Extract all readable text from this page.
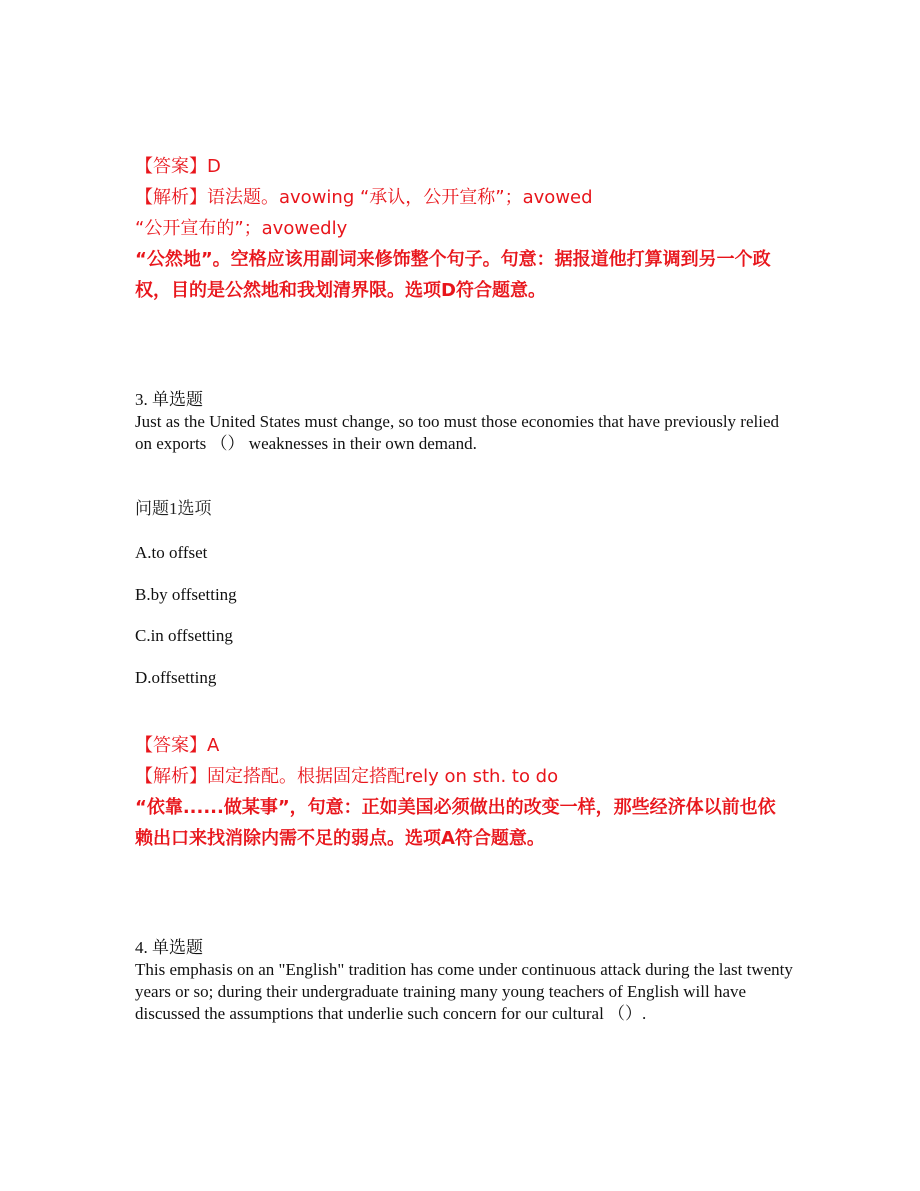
【答案】D
【解析】语法题。avowing “承认，公开宣称”；avowed
“公开宣布的”；avowedly
“公然地”。空格应该用副词来修饰整个句子。句意：据报道他打算调到另一个政
权，目的是公然地和我划清界限。选项D符合题意。
3. 单选题
Just as the United States must change, so too must those economies that have previously relied on exports （） weaknesses in their own demand.

问题1选项

A.to offset

B.by offsetting

C.in offsetting

D.offsetting

【答案】A
【解析】固定搭配。根据固定搭配rely on sth. to do
“依靠......做某事”，句意：正如美国必须做出的改变一样，那些经济体以前也依
赖出口来找消除内需不足的弱点。选项A符合题意。
4. 单选题
This emphasis on an "English" tradition has come under continuous attack during the last twenty years or so; during their undergraduate training many young teachers of English will have discussed the assumptions that underlie such concern for our cultural （）.
